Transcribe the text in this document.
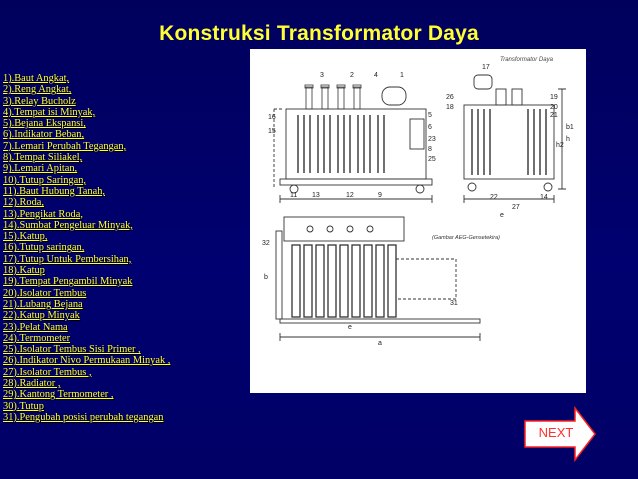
Konstruksi Transformator Daya
1).Baut Angkat,
2).Reng Angkat,
3).Relay Bucholz
4).Tempat isi Minyak,
5).Bejana Ekspansi,
6).Indikator Beban,
7).Lemari Perubah Tegangan,
8).Tempat Siliakel,
9).Lemari Apitan,
10).Tutup Saringan,
11).Baut Hubung Tanah,
12).Roda,
13).Pengikat Roda,
14).Sumbat Pengeluar Minyak,
15).Katup,
16).Tutup saringan,
17).Tutup Untuk Pembersihan,
18).Katup
19).Tempat Pengambil Minyak
20).Isolator Tembus
21).Lubang Bejana
22).Katup Minyak
23).Pelat Nama
24).Termometer
25).Isolator Tembus Sisi Primer ,
26).Indikator Nivo Permukaan Minyak ,
27).Isolator Tembus ,
28).Radiator ,
29).Kantong Termometer ,
30).Tutup
31).Pengubah posisi perubah tegangan
Transformator Daya
3	2	4	1
16
15
5
6
23
8
25
11 13	12	9
17
26
18
19
20
21
b1
h
h2
22
27
e
14
32
31
b
e
a
(Gambar AEG-Gensetekira)
NEXT
